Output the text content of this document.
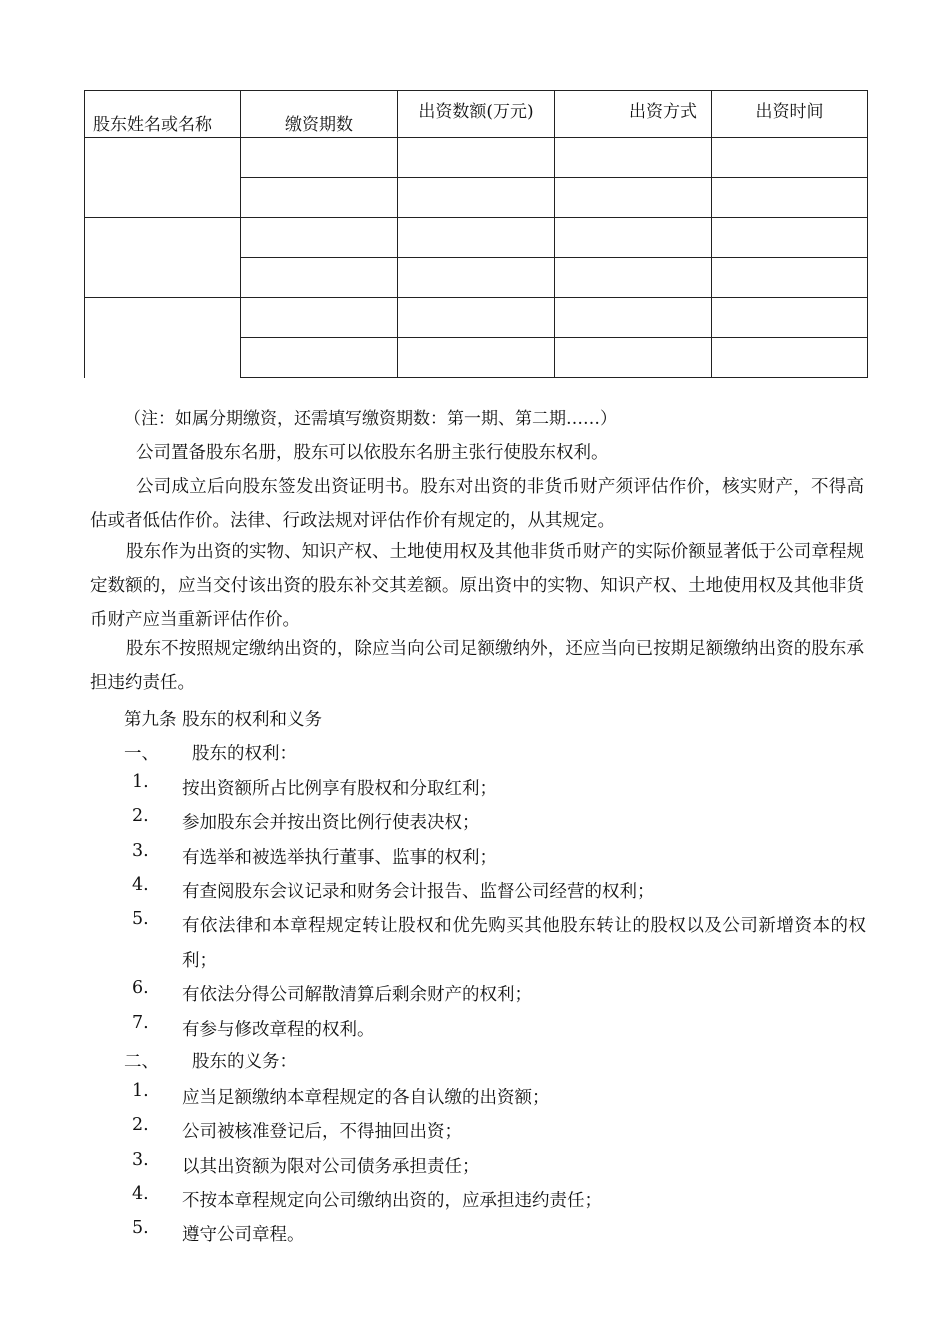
股东姓名或名称	缴资期数	出资数额(万元)	出资方式	出资时间

（注：如属分期缴资，还需填写缴资期数：第一期、第二期……）
公司置备股东名册，股东可以依股东名册主张行使股东权利。
公司成立后向股东签发出资证明书。股东对出资的非货币财产须评估作价，核实财产，不得高估或者低估作价。法律、行政法规对评估作价有规定的，从其规定。
股东作为出资的实物、知识产权、土地使用权及其他非货币财产的实际价额显著低于公司章程规定数额的，应当交付该出资的股东补交其差额。原出资中的实物、知识产权、土地使用权及其他非货币财产应当重新评估作价。
股东不按照规定缴纳出资的，除应当向公司足额缴纳外，还应当向已按期足额缴纳出资的股东承担违约责任。
第九条 股东的权利和义务
一、 股东的权利：
1.	按出资额所占比例享有股权和分取红利；
2.	参加股东会并按出资比例行使表决权；
3.	有选举和被选举执行董事、监事的权利；
4.	有查阅股东会议记录和财务会计报告、监督公司经营的权利；
5.	有依法律和本章程规定转让股权和优先购买其他股东转让的股权以及公司新增资本的权利；
6.	有依法分得公司解散清算后剩余财产的权利；
7.	有参与修改章程的权利。
二、 股东的义务：
1.	应当足额缴纳本章程规定的各自认缴的出资额；
2.	公司被核准登记后，不得抽回出资；
3.	以其出资额为限对公司债务承担责任；
4.	不按本章程规定向公司缴纳出资的，应承担违约责任；
5.	遵守公司章程。
